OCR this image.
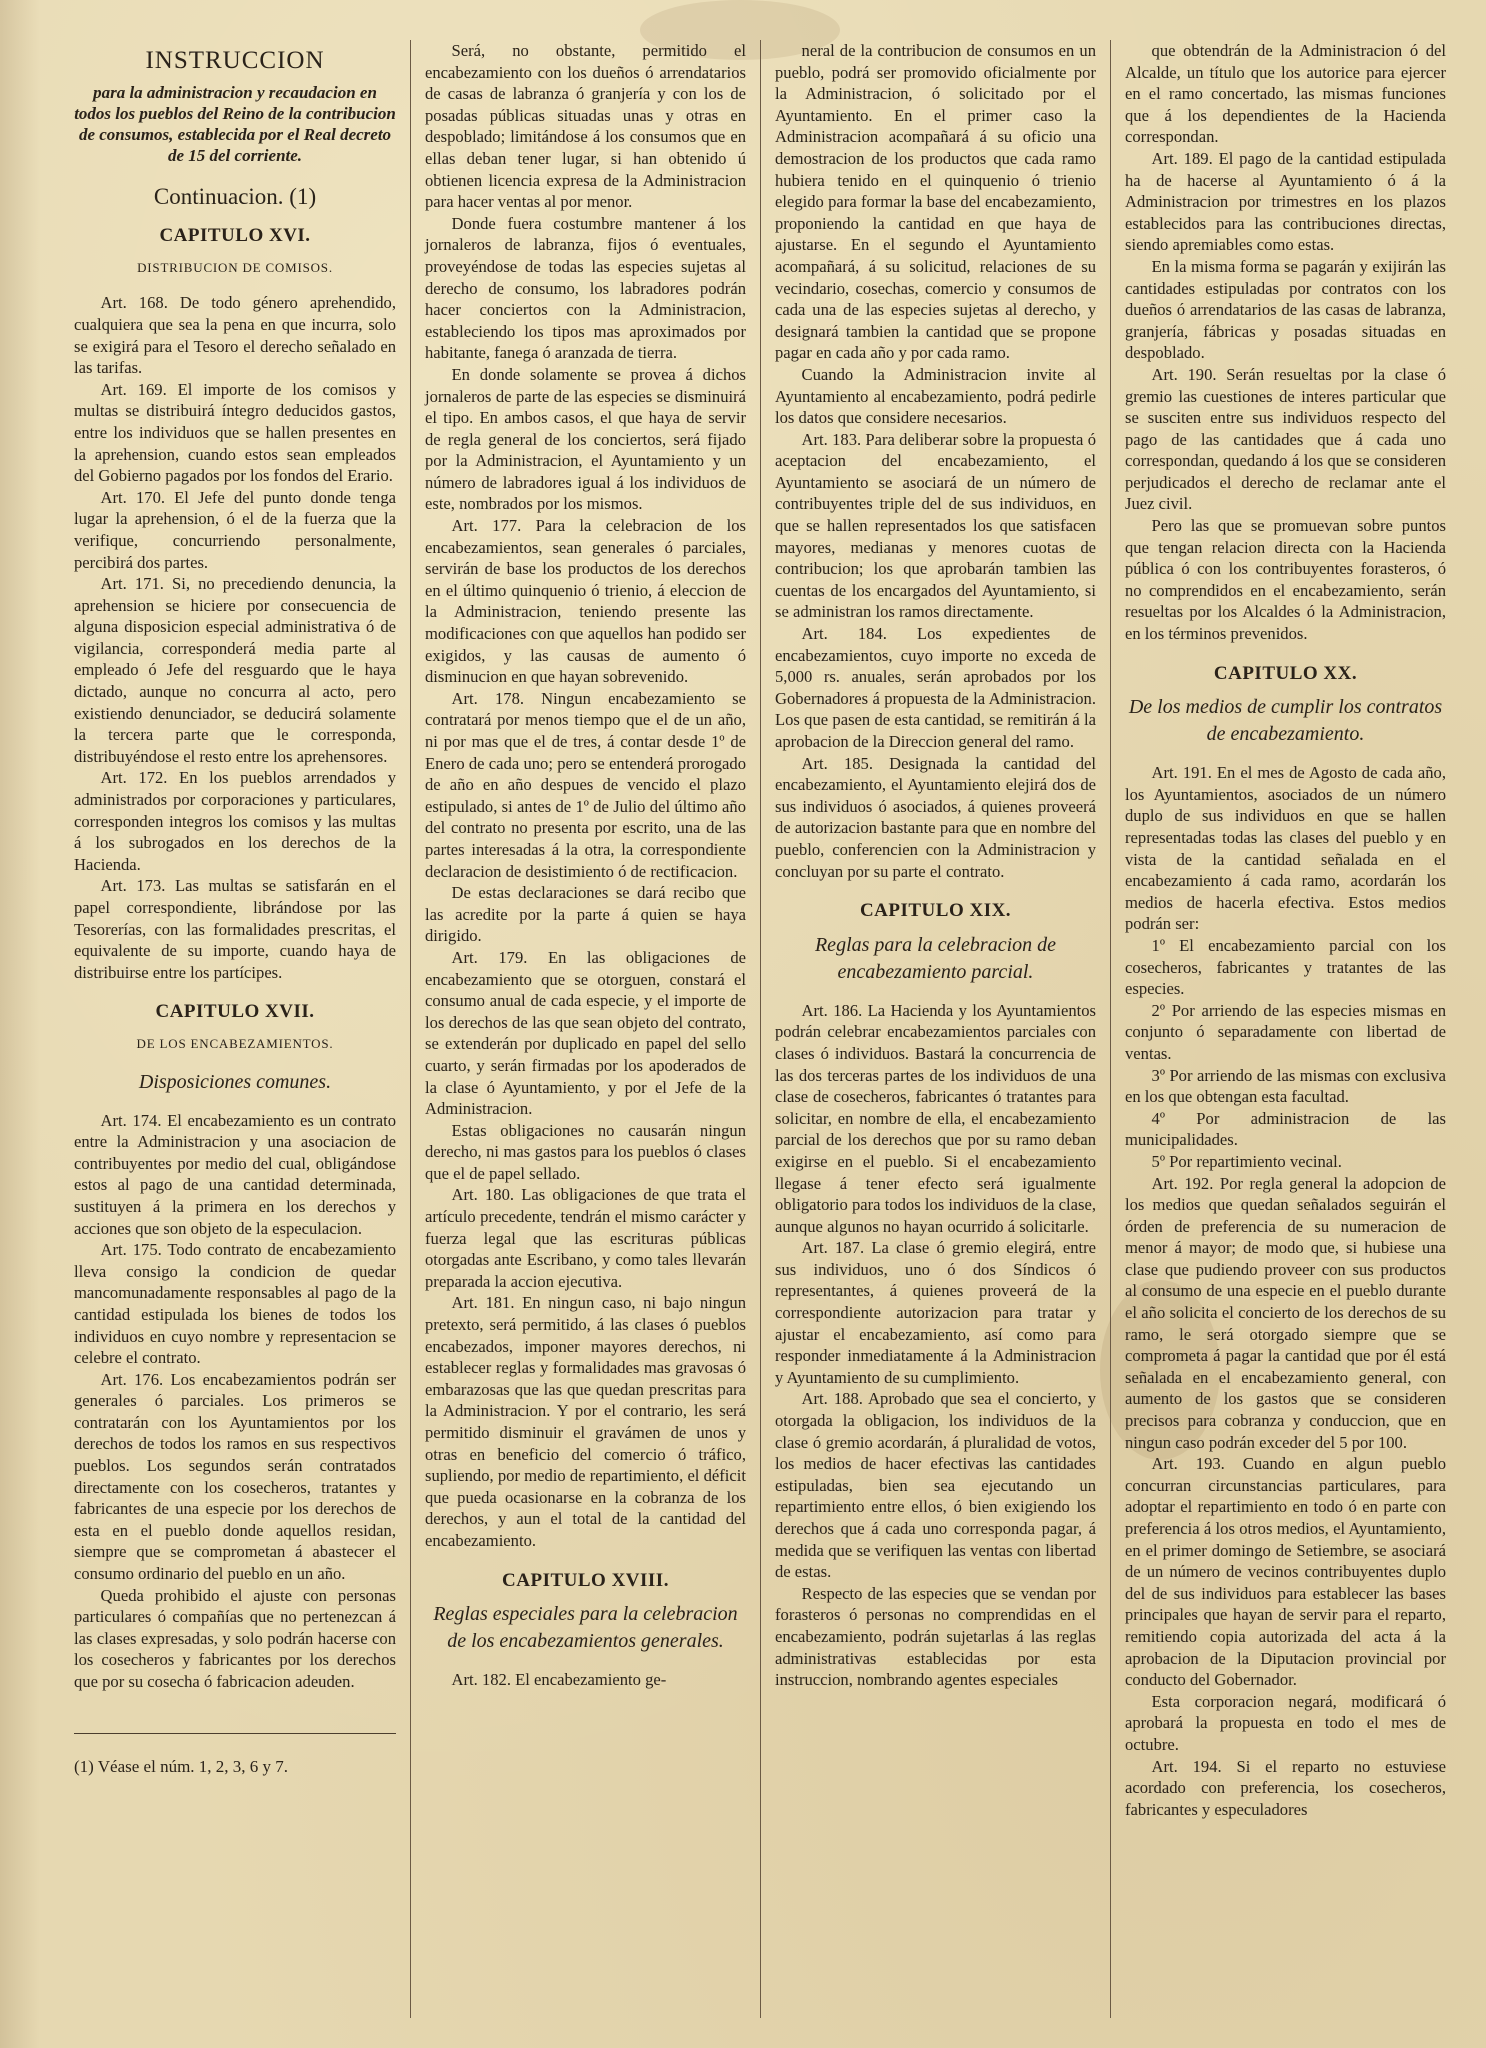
INSTRUCCION
para la administracion y recaudacion en todos los pueblos del Reino de la contribucion de consumos, establecida por el Real decreto de 15 del corriente.
Continuacion. (1)
CAPITULO XVI.
DISTRIBUCION DE COMISOS.

Art. 168. De todo género aprehendido, cualquiera que sea la pena en que incurra, solo se exigirá para el Tesoro el derecho señalado en las tarifas.

Art. 169. El importe de los comisos y multas se distribuirá íntegro deducidos gastos, entre los individuos que se hallen presentes en la aprehension, cuando estos sean empleados del Gobierno pagados por los fondos del Erario.

Art. 170. El Jefe del punto donde tenga lugar la aprehension, ó el de la fuerza que la verifique, concurriendo personalmente, percibirá dos partes.

Art. 171. Si, no precediendo denuncia, la aprehension se hiciere por consecuencia de alguna disposicion especial administrativa ó de vigilancia, corresponderá media parte al empleado ó Jefe del resguardo que le haya dictado, aunque no concurra al acto, pero existiendo denunciador, se deducirá solamente la tercera parte que le corresponda, distribuyéndose el resto entre los aprehensores.

Art. 172. En los pueblos arrendados y administrados por corporaciones y particulares, corresponden integros los comisos y las multas á los subrogados en los derechos de la Hacienda.

Art. 173. Las multas se satisfarán en el papel correspondiente, librándose por las Tesorerías, con las formalidades prescritas, el equivalente de su importe, cuando haya de distribuirse entre los partícipes.

CAPITULO XVII.
DE LOS ENCABEZAMIENTOS.
Disposiciones comunes.

Art. 174. El encabezamiento es un contrato entre la Administracion y una asociacion de contribuyentes por medio del cual, obligándose estos al pago de una cantidad determinada, sustituyen á la primera en los derechos y acciones que son objeto de la especulacion.

Art. 175. Todo contrato de encabezamiento lleva consigo la condicion de quedar mancomunadamente responsables al pago de la cantidad estipulada los bienes de todos los individuos en cuyo nombre y representacion se celebre el contrato.

Art. 176. Los encabezamientos podrán ser generales ó parciales. Los primeros se contratarán con los Ayuntamientos por los derechos de todos los ramos en sus respectivos pueblos. Los segundos serán contratados directamente con los cosecheros, tratantes y fabricantes de una especie por los derechos de esta en el pueblo donde aquellos residan, siempre que se comprometan á abastecer el consumo ordinario del pueblo en un año.

Queda prohibido el ajuste con personas particulares ó compañías que no pertenezcan á las clases expresadas, y solo podrán hacerse con los cosecheros y fabricantes por los derechos que por su cosecha ó fabricacion adeuden.

(1) Véase el núm. 1, 2, 3, 6 y 7.

Será, no obstante, permitido el encabezamiento con los dueños ó arrendatarios de casas de labranza ó granjería y con los de posadas públicas situadas unas y otras en despoblado; limitándose á los consumos que en ellas deban tener lugar, si han obtenido ú obtienen licencia expresa de la Administracion para hacer ventas al por menor.

Donde fuera costumbre mantener á los jornaleros de labranza, fijos ó eventuales, proveyéndose de todas las especies sujetas al derecho de consumo, los labradores podrán hacer conciertos con la Administracion, estableciendo los tipos mas aproximados por habitante, fanega ó aranzada de tierra.

En donde solamente se provea á dichos jornaleros de parte de las especies se disminuirá el tipo. En ambos casos, el que haya de servir de regla general de los conciertos, será fijado por la Administracion, el Ayuntamiento y un número de labradores igual á los individuos de este, nombrados por los mismos.

Art. 177. Para la celebracion de los encabezamientos, sean generales ó parciales, servirán de base los productos de los derechos en el último quinquenio ó trienio, á eleccion de la Administracion, teniendo presente las modificaciones con que aquellos han podido ser exigidos, y las causas de aumento ó disminucion en que hayan sobrevenido.

Art. 178. Ningun encabezamiento se contratará por menos tiempo que el de un año, ni por mas que el de tres, á contar desde 1º de Enero de cada uno; pero se entenderá prorogado de año en año despues de vencido el plazo estipulado, si antes de 1º de Julio del último año del contrato no presenta por escrito, una de las partes interesadas á la otra, la correspondiente declaracion de desistimiento ó de rectificacion.

De estas declaraciones se dará recibo que las acredite por la parte á quien se haya dirigido.

Art. 179. En las obligaciones de encabezamiento que se otorguen, constará el consumo anual de cada especie, y el importe de los derechos de las que sean objeto del contrato, se extenderán por duplicado en papel del sello cuarto, y serán firmadas por los apoderados de la clase ó Ayuntamiento, y por el Jefe de la Administracion.

Estas obligaciones no causarán ningun derecho, ni mas gastos para los pueblos ó clases que el de papel sellado.

Art. 180. Las obligaciones de que trata el artículo precedente, tendrán el mismo carácter y fuerza legal que las escrituras públicas otorgadas ante Escribano, y como tales llevarán preparada la accion ejecutiva.

Art. 181. En ningun caso, ni bajo ningun pretexto, será permitido, á las clases ó pueblos encabezados, imponer mayores derechos, ni establecer reglas y formalidades mas gravosas ó embarazosas que las que quedan prescritas para la Administracion. Y por el contrario, les será permitido disminuir el gravámen de unos y otras en beneficio del comercio ó tráfico, supliendo, por medio de repartimiento, el déficit que pueda ocasionarse en la cobranza de los derechos, y aun el total de la cantidad del encabezamiento.

CAPITULO XVIII.
Reglas especiales para la celebracion de los encabezamientos generales.

Art. 182. El encabezamiento ge-

neral de la contribucion de consumos en un pueblo, podrá ser promovido oficialmente por la Administracion, ó solicitado por el Ayuntamiento. En el primer caso la Administracion acompañará á su oficio una demostracion de los productos que cada ramo hubiera tenido en el quinquenio ó trienio elegido para formar la base del encabezamiento, proponiendo la cantidad en que haya de ajustarse. En el segundo el Ayuntamiento acompañará, á su solicitud, relaciones de su vecindario, cosechas, comercio y consumos de cada una de las especies sujetas al derecho, y designará tambien la cantidad que se propone pagar en cada año y por cada ramo.

Cuando la Administracion invite al Ayuntamiento al encabezamiento, podrá pedirle los datos que considere necesarios.

Art. 183. Para deliberar sobre la propuesta ó aceptacion del encabezamiento, el Ayuntamiento se asociará de un número de contribuyentes triple del de sus individuos, en que se hallen representados los que satisfacen mayores, medianas y menores cuotas de contribucion; los que aprobarán tambien las cuentas de los encargados del Ayuntamiento, si se administran los ramos directamente.

Art. 184. Los expedientes de encabezamientos, cuyo importe no exceda de 5,000 rs. anuales, serán aprobados por los Gobernadores á propuesta de la Administracion. Los que pasen de esta cantidad, se remitirán á la aprobacion de la Direccion general del ramo.

Art. 185. Designada la cantidad del encabezamiento, el Ayuntamiento elejirá dos de sus individuos ó asociados, á quienes proveerá de autorizacion bastante para que en nombre del pueblo, conferencien con la Administracion y concluyan por su parte el contrato.

CAPITULO XIX.
Reglas para la celebracion de encabezamiento parcial.

Art. 186. La Hacienda y los Ayuntamientos podrán celebrar encabezamientos parciales con clases ó individuos. Bastará la concurrencia de las dos terceras partes de los individuos de una clase de cosecheros, fabricantes ó tratantes para solicitar, en nombre de ella, el encabezamiento parcial de los derechos que por su ramo deban exigirse en el pueblo. Si el encabezamiento llegase á tener efecto será igualmente obligatorio para todos los individuos de la clase, aunque algunos no hayan ocurrido á solicitarle.

Art. 187. La clase ó gremio elegirá, entre sus individuos, uno ó dos Síndicos ó representantes, á quienes proveerá de la correspondiente autorizacion para tratar y ajustar el encabezamiento, así como para responder inmediatamente á la Administracion y Ayuntamiento de su cumplimiento.

Art. 188. Aprobado que sea el concierto, y otorgada la obligacion, los individuos de la clase ó gremio acordarán, á pluralidad de votos, los medios de hacer efectivas las cantidades estipuladas, bien sea ejecutando un repartimiento entre ellos, ó bien exigiendo los derechos que á cada uno corresponda pagar, á medida que se verifiquen las ventas con libertad de estas.

Respecto de las especies que se vendan por forasteros ó personas no comprendidas en el encabezamiento, podrán sujetarlas á las reglas administrativas establecidas por esta instruccion, nombrando agentes especiales

que obtendrán de la Administracion ó del Alcalde, un título que los autorice para ejercer en el ramo concertado, las mismas funciones que á los dependientes de la Hacienda correspondan.

Art. 189. El pago de la cantidad estipulada ha de hacerse al Ayuntamiento ó á la Administracion por trimestres en los plazos establecidos para las contribuciones directas, siendo apremiables como estas.

En la misma forma se pagarán y exijirán las cantidades estipuladas por contratos con los dueños ó arrendatarios de las casas de labranza, granjería, fábricas y posadas situadas en despoblado.

Art. 190. Serán resueltas por la clase ó gremio las cuestiones de interes particular que se susciten entre sus individuos respecto del pago de las cantidades que á cada uno correspondan, quedando á los que se consideren perjudicados el derecho de reclamar ante el Juez civil.

Pero las que se promuevan sobre puntos que tengan relacion directa con la Hacienda pública ó con los contribuyentes forasteros, ó no comprendidos en el encabezamiento, serán resueltas por los Alcaldes ó la Administracion, en los términos prevenidos.

CAPITULO XX.
De los medios de cumplir los contratos de encabezamiento.

Art. 191. En el mes de Agosto de cada año, los Ayuntamientos, asociados de un número duplo de sus individuos en que se hallen representadas todas las clases del pueblo y en vista de la cantidad señalada en el encabezamiento á cada ramo, acordarán los medios de hacerla efectiva. Estos medios podrán ser:

1º El encabezamiento parcial con los cosecheros, fabricantes y tratantes de las especies.

2º Por arriendo de las especies mismas en conjunto ó separadamente con libertad de ventas.

3º Por arriendo de las mismas con exclusiva en los que obtengan esta facultad.

4º Por administracion de las municipalidades.

5º Por repartimiento vecinal.

Art. 192. Por regla general la adopcion de los medios que quedan señalados seguirán el órden de preferencia de su numeracion de menor á mayor; de modo que, si hubiese una clase que pudiendo proveer con sus productos al consumo de una especie en el pueblo durante el año solicita el concierto de los derechos de su ramo, le será otorgado siempre que se comprometa á pagar la cantidad que por él está señalada en el encabezamiento general, con aumento de los gastos que se consideren precisos para cobranza y conduccion, que en ningun caso podrán exceder del 5 por 100.

Art. 193. Cuando en algun pueblo concurran circunstancias particulares, para adoptar el repartimiento en todo ó en parte con preferencia á los otros medios, el Ayuntamiento, en el primer domingo de Setiembre, se asociará de un número de vecinos contribuyentes duplo del de sus individuos para establecer las bases principales que hayan de servir para el reparto, remitiendo copia autorizada del acta á la aprobacion de la Diputacion provincial por conducto del Gobernador.

Esta corporacion negará, modificará ó aprobará la propuesta en todo el mes de octubre.

Art. 194. Si el reparto no estuviese acordado con preferencia, los cosecheros, fabricantes y especuladores
